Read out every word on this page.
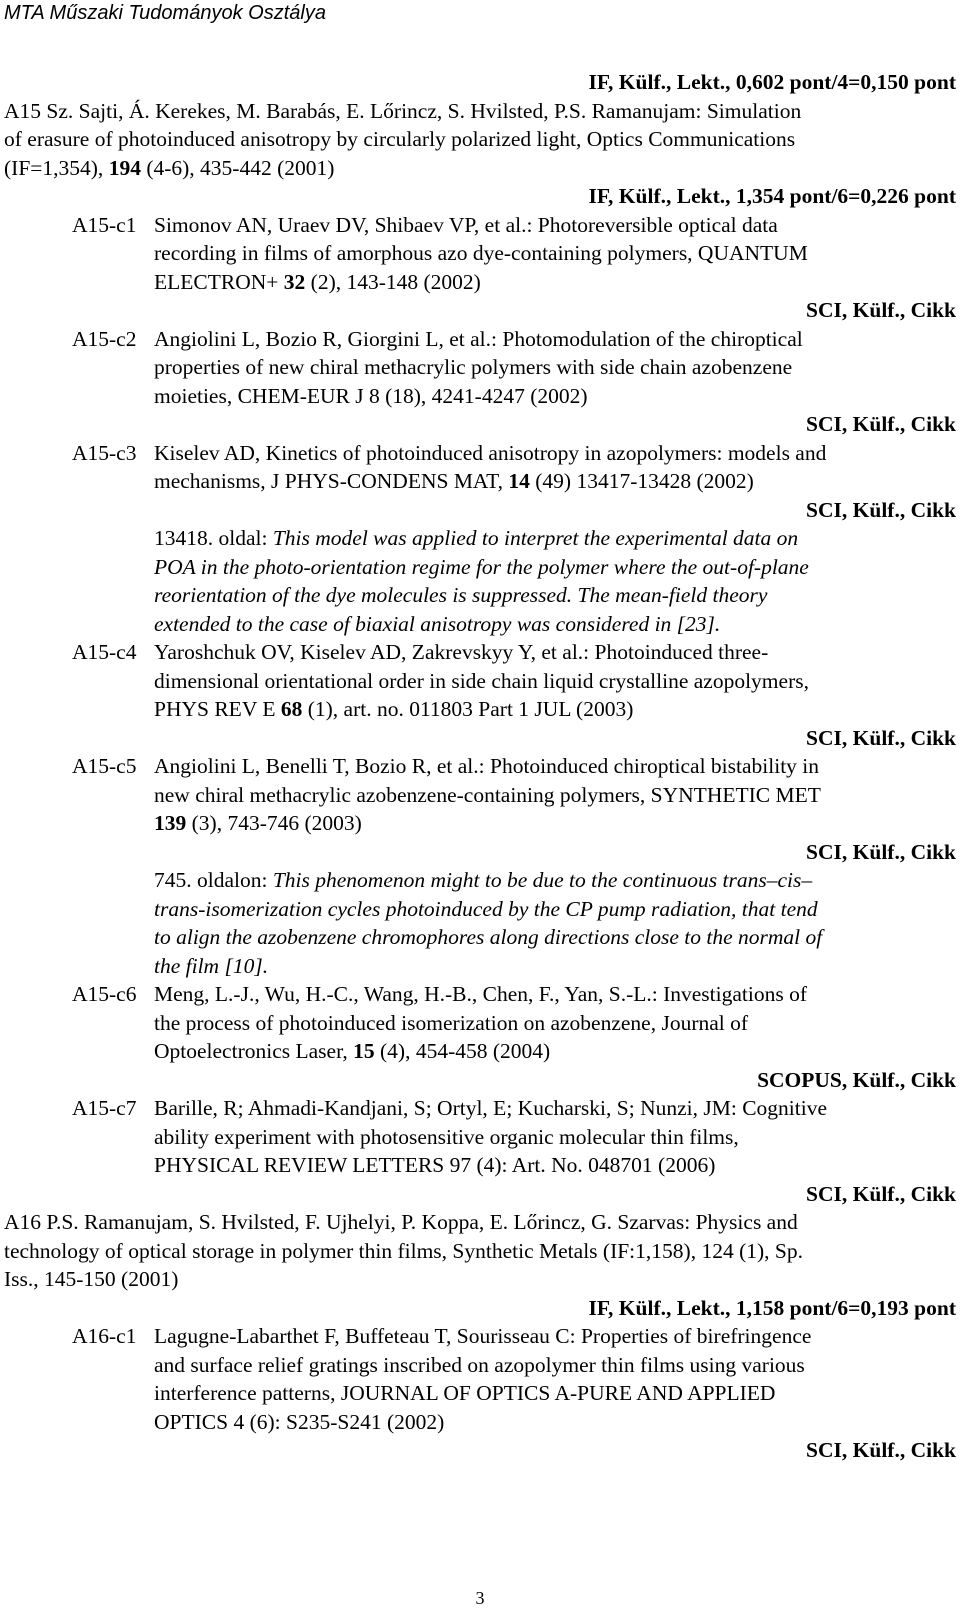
MTA Műszaki Tudományok Osztálya
IF, Külf., Lekt., 0,602 pont/4=0,150 pont
A15 Sz. Sajti, Á. Kerekes, M. Barabás, E. Lőrincz, S. Hvilsted, P.S. Ramanujam: Simulation
of erasure of photoinduced anisotropy by circularly polarized light, Optics Communications
(IF=1,354), 194 (4-6), 435-442 (2001)
IF, Külf., Lekt., 1,354 pont/6=0,226 pont
A15-c1 Simonov AN, Uraev DV, Shibaev VP, et al.: Photoreversible optical data
recording in films of amorphous azo dye-containing polymers, QUANTUM
ELECTRON+ 32 (2), 143-148 (2002)
SCI, Külf., Cikk
A15-c2 Angiolini L, Bozio R, Giorgini L, et al.: Photomodulation of the chiroptical
properties of new chiral methacrylic polymers with side chain azobenzene
moieties, CHEM-EUR J 8 (18), 4241-4247 (2002)
SCI, Külf., Cikk
A15-c3 Kiselev AD, Kinetics of photoinduced anisotropy in azopolymers: models and
mechanisms, J PHYS-CONDENS MAT, 14 (49) 13417-13428 (2002)
SCI, Külf., Cikk
13418. oldal: This model was applied to interpret the experimental data on
POA in the photo-orientation regime for the polymer where the out-of-plane
reorientation of the dye molecules is suppressed. The mean-field theory
extended to the case of biaxial anisotropy was considered in [23].
A15-c4 Yaroshchuk OV, Kiselev AD, Zakrevskyy Y, et al.: Photoinduced three-
dimensional orientational order in side chain liquid crystalline azopolymers,
PHYS REV E 68 (1), art. no. 011803 Part 1 JUL (2003)
SCI, Külf., Cikk
A15-c5 Angiolini L, Benelli T, Bozio R, et al.: Photoinduced chiroptical bistability in
new chiral methacrylic azobenzene-containing polymers, SYNTHETIC MET
139 (3), 743-746 (2003)
SCI, Külf., Cikk
745. oldalon: This phenomenon might to be due to the continuous trans–cis–
trans-isomerization cycles photoinduced by the CP pump radiation, that tend
to align the azobenzene chromophores along directions close to the normal of
the film [10].
A15-c6 Meng, L.-J., Wu, H.-C., Wang, H.-B., Chen, F., Yan, S.-L.: Investigations of
the process of photoinduced isomerization on azobenzene, Journal of
Optoelectronics Laser, 15 (4), 454-458 (2004)
SCOPUS, Külf., Cikk
A15-c7 Barille, R; Ahmadi-Kandjani, S; Ortyl, E; Kucharski, S; Nunzi, JM: Cognitive
ability experiment with photosensitive organic molecular thin films,
PHYSICAL REVIEW LETTERS 97 (4): Art. No. 048701 (2006)
SCI, Külf., Cikk
A16 P.S. Ramanujam, S. Hvilsted, F. Ujhelyi, P. Koppa, E. Lőrincz, G. Szarvas: Physics and
technology of optical storage in polymer thin films, Synthetic Metals (IF:1,158), 124 (1), Sp.
Iss., 145-150 (2001)
IF, Külf., Lekt., 1,158 pont/6=0,193 pont
A16-c1 Lagugne-Labarthet F, Buffeteau T, Sourisseau C: Properties of birefringence
and surface relief gratings inscribed on azopolymer thin films using various
interference patterns, JOURNAL OF OPTICS A-PURE AND APPLIED
OPTICS 4 (6): S235-S241 (2002)
SCI, Külf., Cikk
3
